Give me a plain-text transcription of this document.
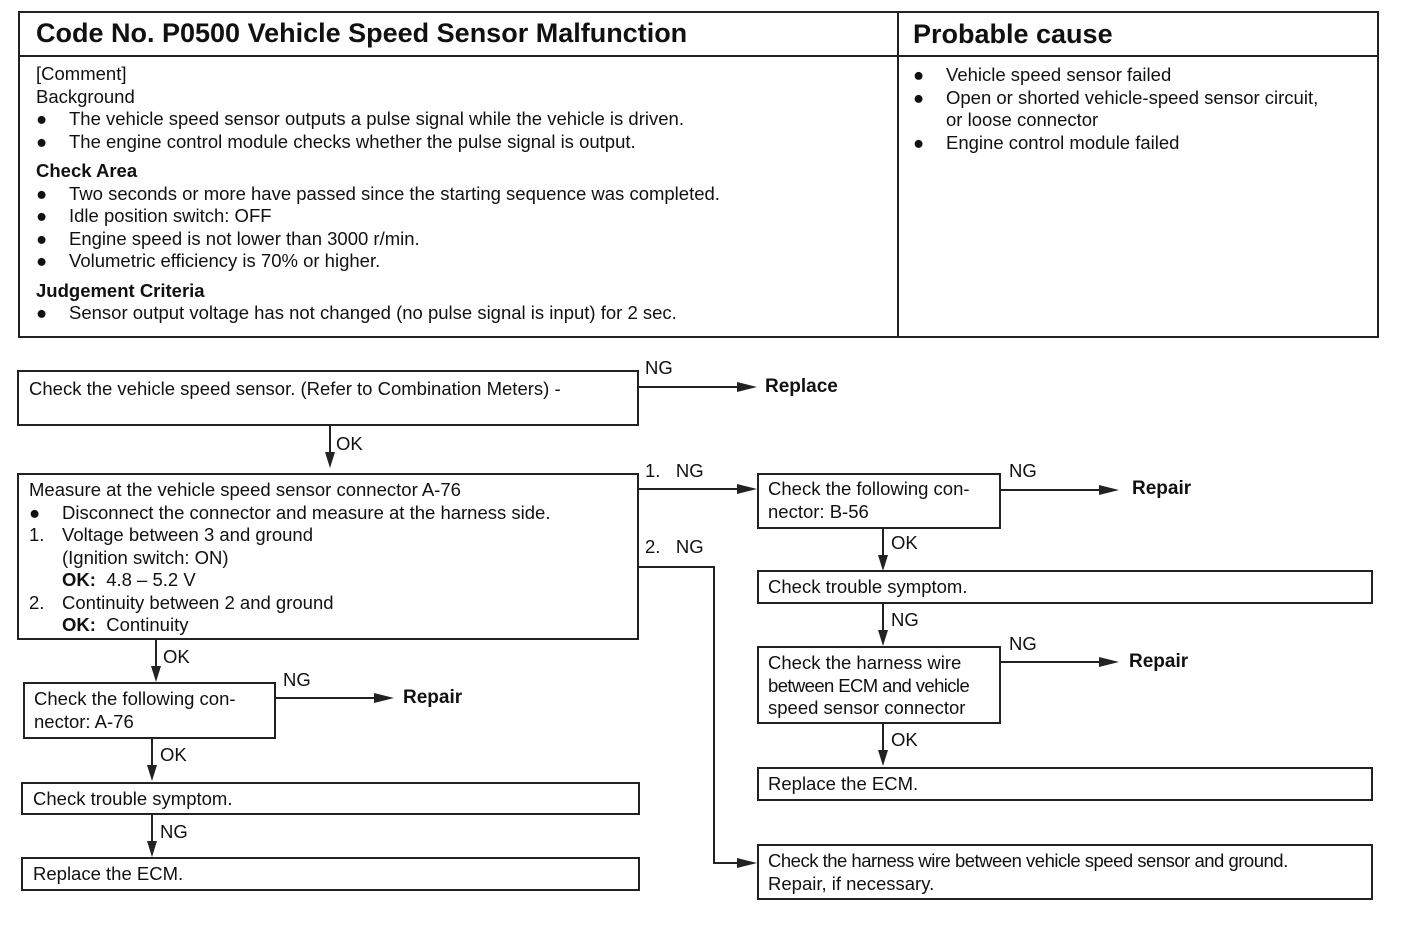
Code No. P0500 Vehicle Speed Sensor Malfunction	Probable cause
[Comment]
Background
● The vehicle speed sensor outputs a pulse signal while the vehicle is driven.
● The engine control module checks whether the pulse signal is output.
Check Area
● Two seconds or more have passed since the starting sequence was completed.
● Idle position switch: OFF
● Engine speed is not lower than 3000 r/min.
● Volumetric efficiency is 70% or higher.
Judgement Criteria
● Sensor output voltage has not changed (no pulse signal is input) for 2 sec.
● Vehicle speed sensor failed
● Open or shorted vehicle-speed sensor circuit,
or loose connector
● Engine control module failed
Check the vehicle speed sensor. (Refer to Combination Meters) -
NG
Replace
OK
Measure at the vehicle speed sensor connector A-76
● Disconnect the connector and measure at the harness side.
1. Voltage between 3 and ground
(Ignition switch: ON)
OK: 4.8 – 5.2 V
2. Continuity between 2 and ground
OK: Continuity
1.   NG
2.   NG
OK
Check the following con-
nector: A-76
NG
Repair
OK
Check trouble symptom.
NG
Replace the ECM.
Check the following con-
nector: B-56
NG
Repair
OK
Check trouble symptom.
NG
Check the harness wire
between ECM and vehicle
speed sensor connector
NG
Repair
OK
Replace the ECM.
Check the harness wire between vehicle speed sensor and ground.
Repair, if necessary.
